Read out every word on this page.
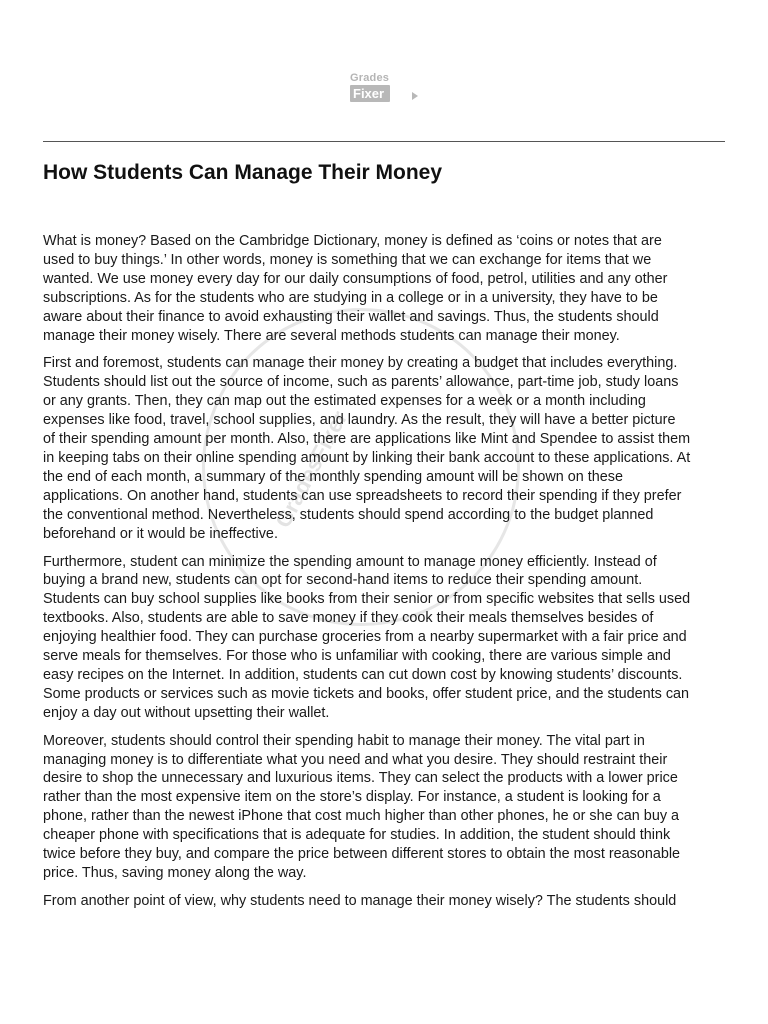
Grades
Fixer
How Students Can Manage Their Money
GradesFixer

What is money? Based on the Cambridge Dictionary, money is defined as ‘coins or notes that are
used to buy things.’ In other words, money is something that we can exchange for items that we
wanted. We use money every day for our daily consumptions of food, petrol, utilities and any other
subscriptions. As for the students who are studying in a college or in a university, they have to be
aware about their finance to avoid exhausting their wallet and savings. Thus, the students should
manage their money wisely. There are several methods students can manage their money.

First and foremost, students can manage their money by creating a budget that includes everything.
Students should list out the source of income, such as parents’ allowance, part-time job, study loans
or any grants. Then, they can map out the estimated expenses for a week or a month including
expenses like food, travel, school supplies, and laundry. As the result, they will have a better picture
of their spending amount per month. Also, there are applications like Mint and Spendee to assist them
in keeping tabs on their online spending amount by linking their bank account to these applications. At
the end of each month, a summary of the monthly spending amount will be shown on these
applications. On another hand, students can use spreadsheets to record their spending if they prefer
the conventional method. Nevertheless, students should spend according to the budget planned
beforehand or it would be ineffective.

Furthermore, student can minimize the spending amount to manage money efficiently. Instead of
buying a brand new, students can opt for second-hand items to reduce their spending amount.
Students can buy school supplies like books from their senior or from specific websites that sells used
textbooks. Also, students are able to save money if they cook their meals themselves besides of
enjoying healthier food. They can purchase groceries from a nearby supermarket with a fair price and
serve meals for themselves. For those who is unfamiliar with cooking, there are various simple and
easy recipes on the Internet. In addition, students can cut down cost by knowing students’ discounts.
Some products or services such as movie tickets and books, offer student price, and the students can
enjoy a day out without upsetting their wallet.

Moreover, students should control their spending habit to manage their money. The vital part in
managing money is to differentiate what you need and what you desire. They should restraint their
desire to shop the unnecessary and luxurious items. They can select the products with a lower price
rather than the most expensive item on the store’s display. For instance, a student is looking for a
phone, rather than the newest iPhone that cost much higher than other phones, he or she can buy a
cheaper phone with specifications that is adequate for studies. In addition, the student should think
twice before they buy, and compare the price between different stores to obtain the most reasonable
price. Thus, saving money along the way.

From another point of view, why students need to manage their money wisely? The students should
